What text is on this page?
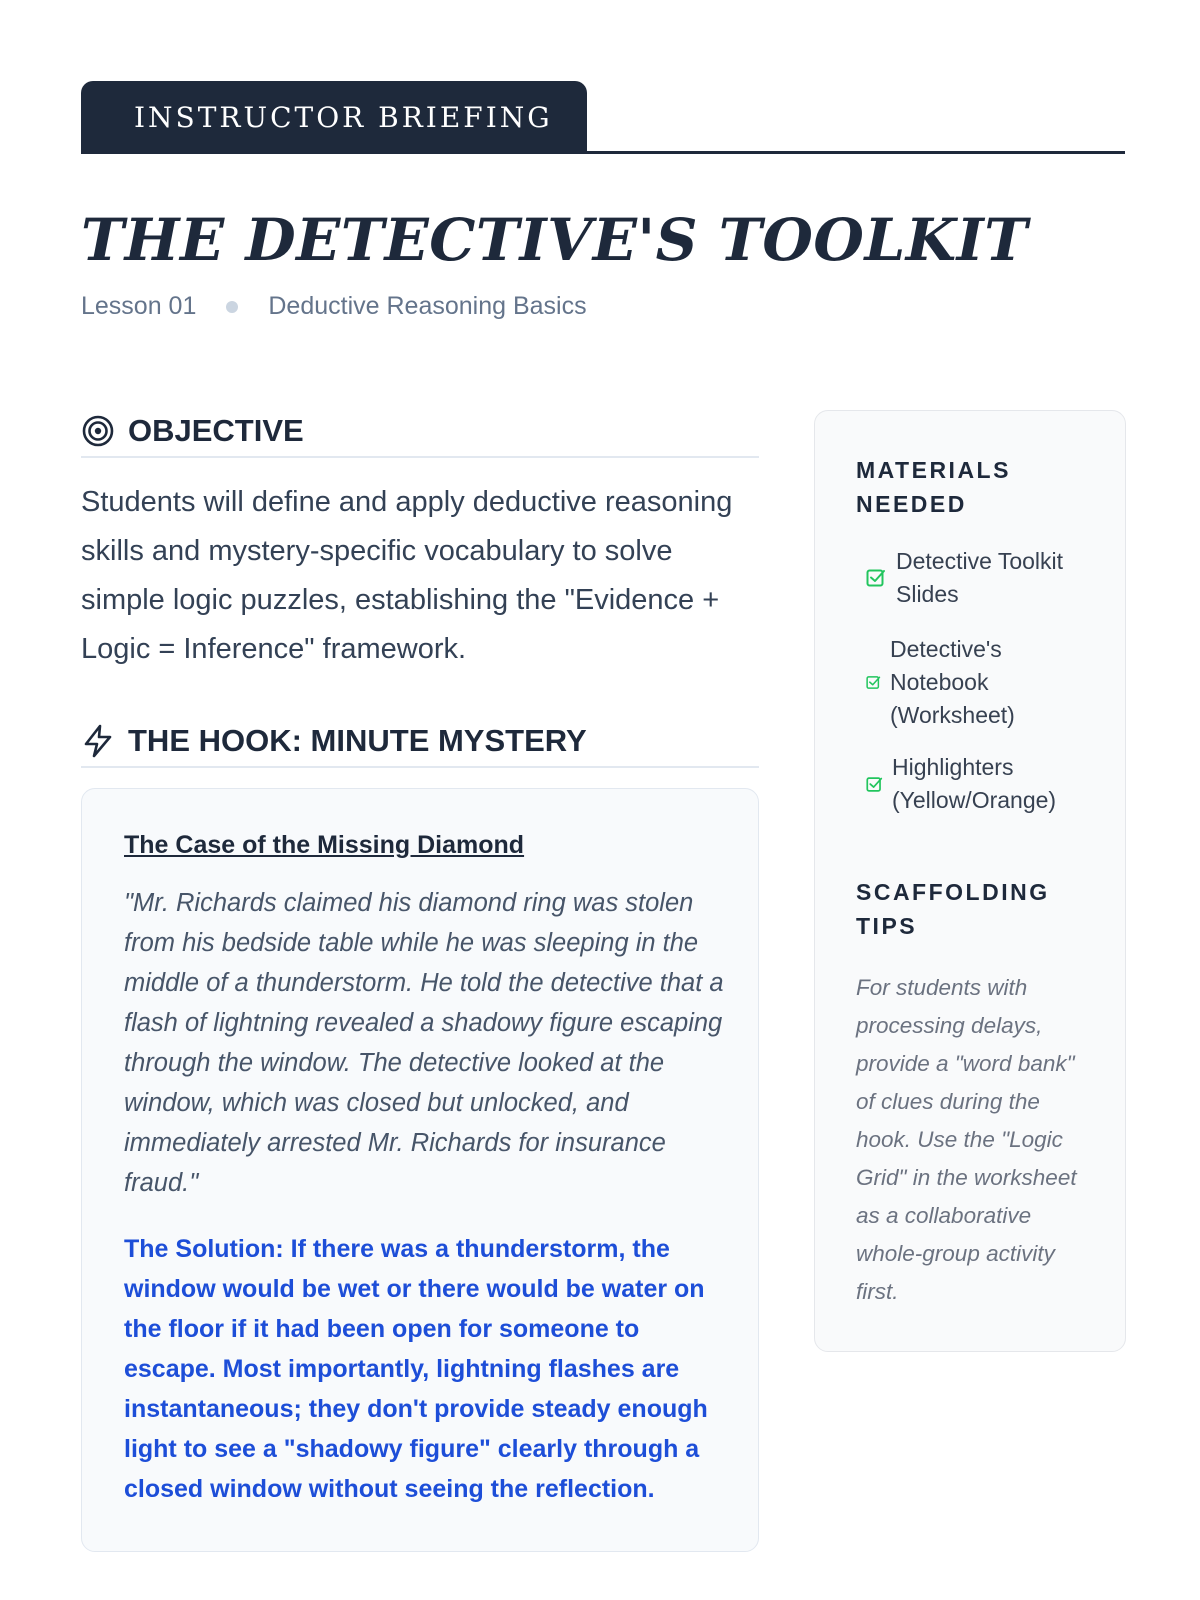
INSTRUCTOR BRIEFING
THE DETECTIVE'S TOOLKIT
Lesson 01	Deductive Reasoning Basics
OBJECTIVE

Students will define and apply deductive reasoning skills and mystery-specific vocabulary to solve simple logic puzzles, establishing the "Evidence + Logic = Inference" framework.

THE HOOK: MINUTE MYSTERY
The Case of the Missing Diamond

"Mr. Richards claimed his diamond ring was stolen from his bedside table while he was sleeping in the middle of a thunderstorm. He told the detective that a flash of lightning revealed a shadowy figure escaping through the window. The detective looked at the window, which was closed but unlocked, and immediately arrested Mr. Richards for insurance fraud."

The Solution: If there was a thunderstorm, the window would be wet or there would be water on the floor if it had been open for someone to escape. Most importantly, lightning flashes are instantaneous; they don't provide steady enough light to see a "shadowy figure" clearly through a closed window without seeing the reflection.

MATERIALS NEEDED
Detective Toolkit Slides
Detective's Notebook (Worksheet)
Highlighters (Yellow/Orange)
SCAFFOLDING TIPS

For students with processing delays, provide a "word bank" of clues during the hook. Use the "Logic Grid" in the worksheet as a collaborative whole-group activity first.
